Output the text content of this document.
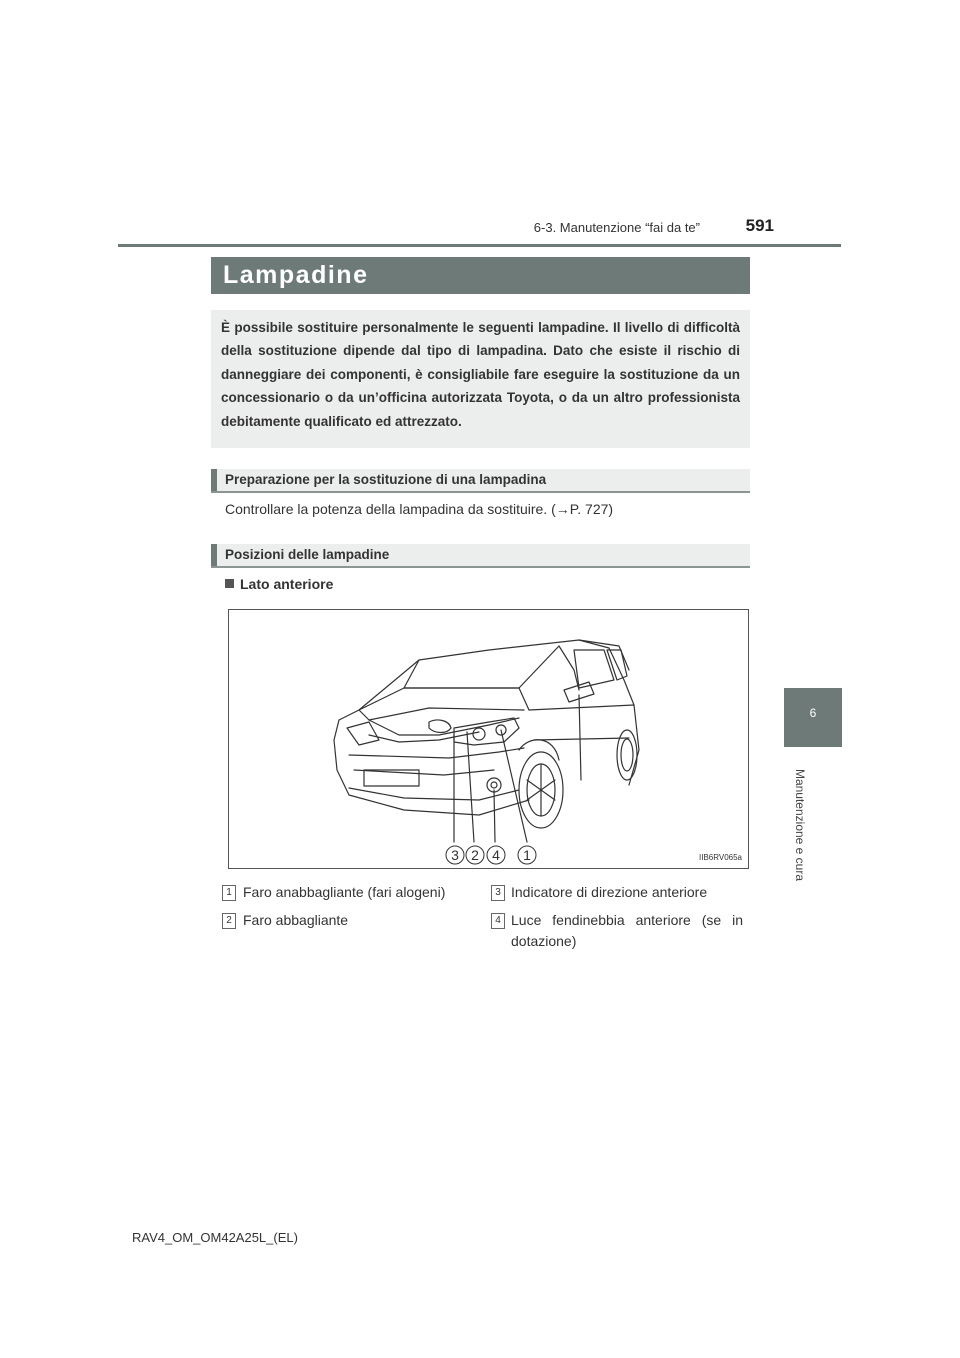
6-3. Manutenzione “fai da te”	591
6
Manutenzione e cura
Lampadine

È possibile sostituire personalmente le seguenti lampadine. Il livello di difficoltà della sostituzione dipende dal tipo di lampadina. Dato che esiste il rischio di danneggiare dei componenti, è consigliabile fare eseguire la sostituzione da un concessionario o da un’officina autorizzata Toyota, o da un altro professionista debitamente qualificato ed attrezzato.

Preparazione per la sostituzione di una lampadina
Controllare la potenza della lampadina da sostituire. (→P. 727)
Posizioni delle lampadine
Lato anteriore
3 2 4 1	IIB6RV065a
1 Faro anabbagliante (fari alogeni)	3 Indicatore di direzione anteriore
2 Faro abbagliante	4 Luce fendinebbia anteriore (se in dotazione)
RAV4_OM_OM42A25L_(EL)
